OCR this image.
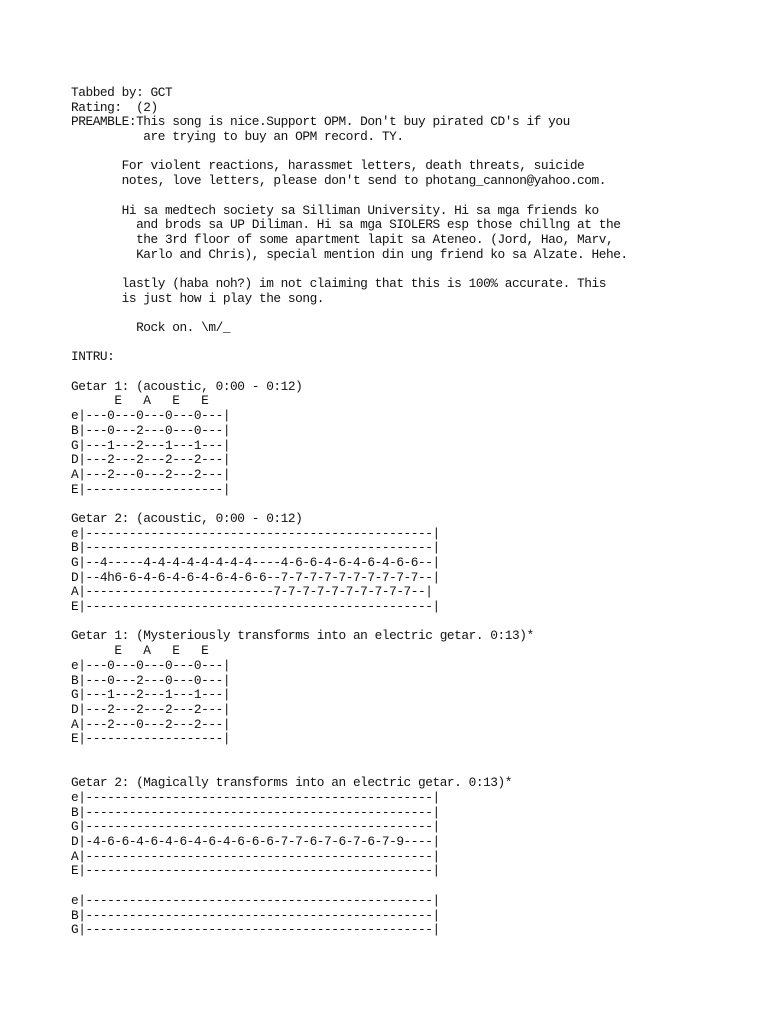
Tabbed by: GCT
Rating:  (2)
PREAMBLE:This song is nice.Support OPM. Don't buy pirated CD's if you
are trying to buy an OPM record. TY.
For violent reactions, harassmet letters, death threats, suicide
notes, love letters, please don't send to photang_cannon@yahoo.com.
Hi sa medtech society sa Silliman University. Hi sa mga friends ko
and brods sa UP Diliman. Hi sa mga SIOLERS esp those chillng at the
the 3rd floor of some apartment lapit sa Ateneo. (Jord, Hao, Marv,
Karlo and Chris), special mention din ung friend ko sa Alzate. Hehe.
lastly (haba noh?) im not claiming that this is 100% accurate. This
is just how i play the song.
Rock on. \m/_
INTRU:
Getar 1: (acoustic, 0:00 - 0:12)
E   A   E   E
e|---0---0---0---0---|
B|---0---2---0---0---|
G|---1---2---1---1---|
D|---2---2---2---2---|
A|---2---0---2---2---|
E|-------------------|
Getar 2: (acoustic, 0:00 - 0:12)
e|------------------------------------------------|
B|------------------------------------------------|
G|--4-----4-4-4-4-4-4-4-4----4-6-6-4-6-4-6-4-6-6--|
D|--4h6-6-4-6-4-6-4-6-4-6-6--7-7-7-7-7-7-7-7-7-7--|
A|--------------------------7-7-7-7-7-7-7-7-7-7--|
E|------------------------------------------------|
Getar 1: (Mysteriously transforms into an electric getar. 0:13)*
E   A   E   E
e|---0---0---0---0---|
B|---0---2---0---0---|
G|---1---2---1---1---|
D|---2---2---2---2---|
A|---2---0---2---2---|
E|-------------------|
Getar 2: (Magically transforms into an electric getar. 0:13)*
e|------------------------------------------------|
B|------------------------------------------------|
G|------------------------------------------------|
D|-4-6-6-4-6-4-6-4-6-4-6-6-6-7-7-6-7-6-7-6-7-9----|
A|------------------------------------------------|
E|------------------------------------------------|
e|------------------------------------------------|
B|------------------------------------------------|
G|------------------------------------------------|
